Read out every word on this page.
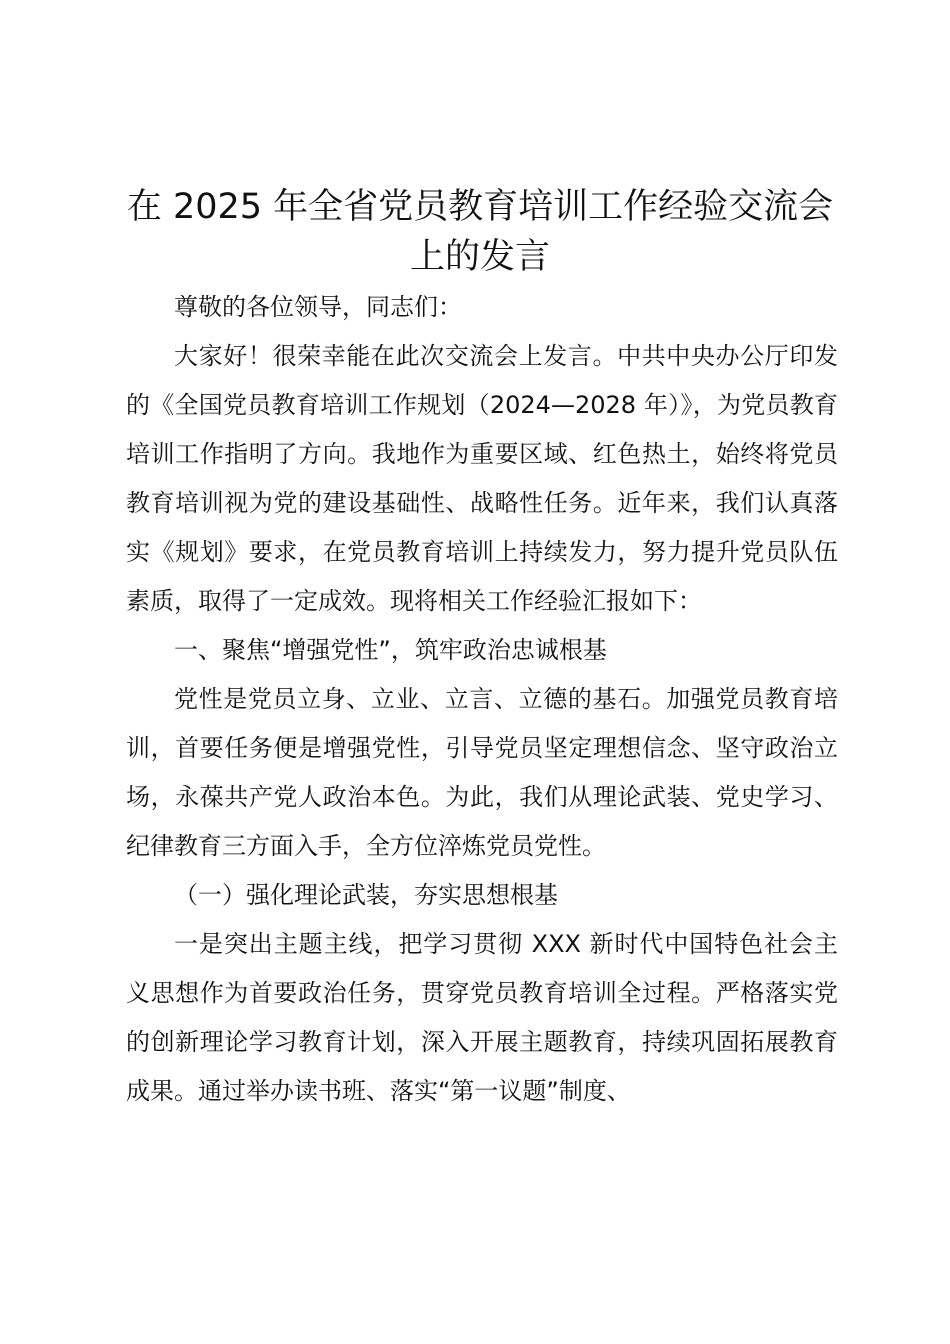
在 2025 年全省党员教育培训工作经验交流会
上的发言

尊敬的各位领导，同志们：

大家好！很荣幸能在此次交流会上发言。中共中央办公厅印发的《全国党员教育培训工作规划（2024—2028 年）》，为党员教育培训工作指明了方向。我地作为重要区域、红色热土，始终将党员教育培训视为党的建设基础性、战略性任务。近年来，我们认真落实《规划》要求，在党员教育培训上持续发力，努力提升党员队伍素质，取得了一定成效。现将相关工作经验汇报如下：

一、聚焦“增强党性”，筑牢政治忠诚根基

党性是党员立身、立业、立言、立德的基石。加强党员教育培训，首要任务便是增强党性，引导党员坚定理想信念、坚守政治立场，永葆共产党人政治本色。为此，我们从理论武装、党史学习、纪律教育三方面入手，全方位淬炼党员党性。

（一）强化理论武装，夯实思想根基

一是突出主题主线，把学习贯彻 XXX 新时代中国特色社会主义思想作为首要政治任务，贯穿党员教育培训全过程。严格落实党的创新理论学习教育计划，深入开展主题教育，持续巩固拓展教育成果。通过举办读书班、落实“第一议题”制度、
